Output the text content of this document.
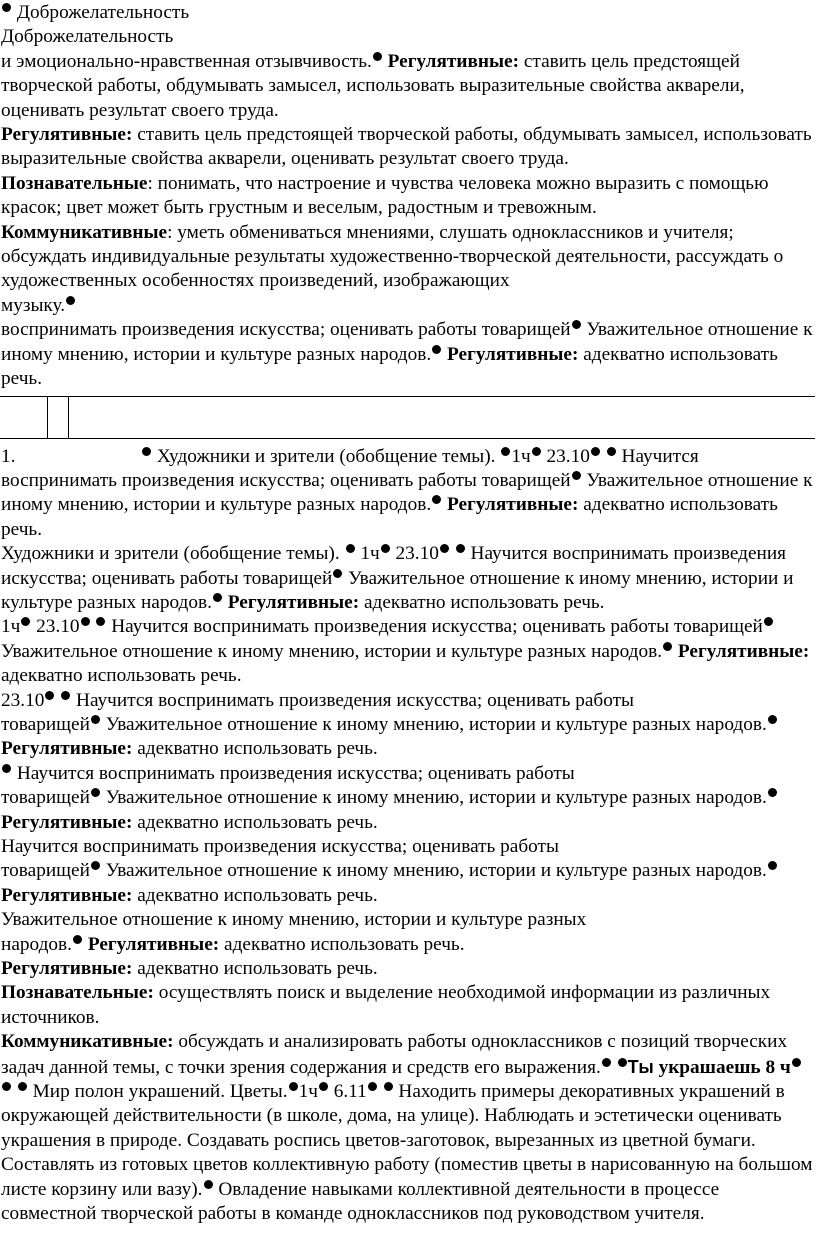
Доброжелательность

Доброжелательность

и эмоционально-нравственная отзывчивость. Регулятивные: ставить цель предстоящей творческой работы, обдумывать замысел, использовать выразительные свойства акварели, оценивать результат своего труда.

Регулятивные: ставить цель предстоящей творческой работы, обдумывать замысел, использовать выразительные свойства акварели, оценивать результат своего труда.

Познавательные: понимать, что настроение и чувства человека можно выразить с помощью красок; цвет может быть грустным и веселым, радостным и тревожным.

Коммуникативные: уметь обмениваться мнениями, слушать одноклассников и учителя; обсуждать индивидуальные результаты художественно-творческой деятельности, рассуждать о художественных особенностях произведений, изображающих
музыку.

воспринимать произведения искусства; оценивать работы товарищей Уважительное отношение к иному мнению, истории и культуре разных народов. Регулятивные: адекватно использовать речь.

1.	Художники и зрители (обобщение темы). 1ч 23.10  Научится воспринимать произведения искусства; оценивать работы товарищей Уважительное отношение к иному мнению, истории и культуре разных народов. Регулятивные: адекватно использовать речь.

Художники и зрители (обобщение темы).  1ч 23.10  Научится воспринимать произведения искусства; оценивать работы товарищей Уважительное отношение к иному мнению, истории и культуре разных народов. Регулятивные: адекватно использовать речь.

1ч 23.10  Научится воспринимать произведения искусства; оценивать работы товарищей Уважительное отношение к иному мнению, истории и культуре разных народов. Регулятивные: адекватно использовать речь.

23.10  Научится воспринимать произведения искусства; оценивать работы
товарищей Уважительное отношение к иному мнению, истории и культуре разных народов. Регулятивные: адекватно использовать речь.

Научится воспринимать произведения искусства; оценивать работы
товарищей Уважительное отношение к иному мнению, истории и культуре разных народов. Регулятивные: адекватно использовать речь.

Научится воспринимать произведения искусства; оценивать работы
товарищей Уважительное отношение к иному мнению, истории и культуре разных народов. Регулятивные: адекватно использовать речь.

Уважительное отношение к иному мнению, истории и культуре разных
народов. Регулятивные: адекватно использовать речь.

Регулятивные: адекватно использовать речь.

Познавательные: осуществлять поиск и выделение необходимой информации из различных источников.

Коммуникативные: обсуждать и анализировать работы одноклассников с позиций творческих задач данной темы, с точки зрения содержания и средств его выражения. Ты украшаешь 8 ч   Мир полон украшений. Цветы. 1ч 6.11  Находить примеры декоративных украшений в окружающей действительности (в школе, дома, на улице). Наблюдать и эстетически оценивать украшения в природе. Создавать роспись цветов-заготовок, вырезанных из цветной бумаги. Составлять из готовых цветов коллективную работу (поместив цветы в нарисованную на большом листе корзину или вазу). Овладение навыками коллективной деятельности в процессе совместной творческой работы в команде одноклассников под руководством учителя.
